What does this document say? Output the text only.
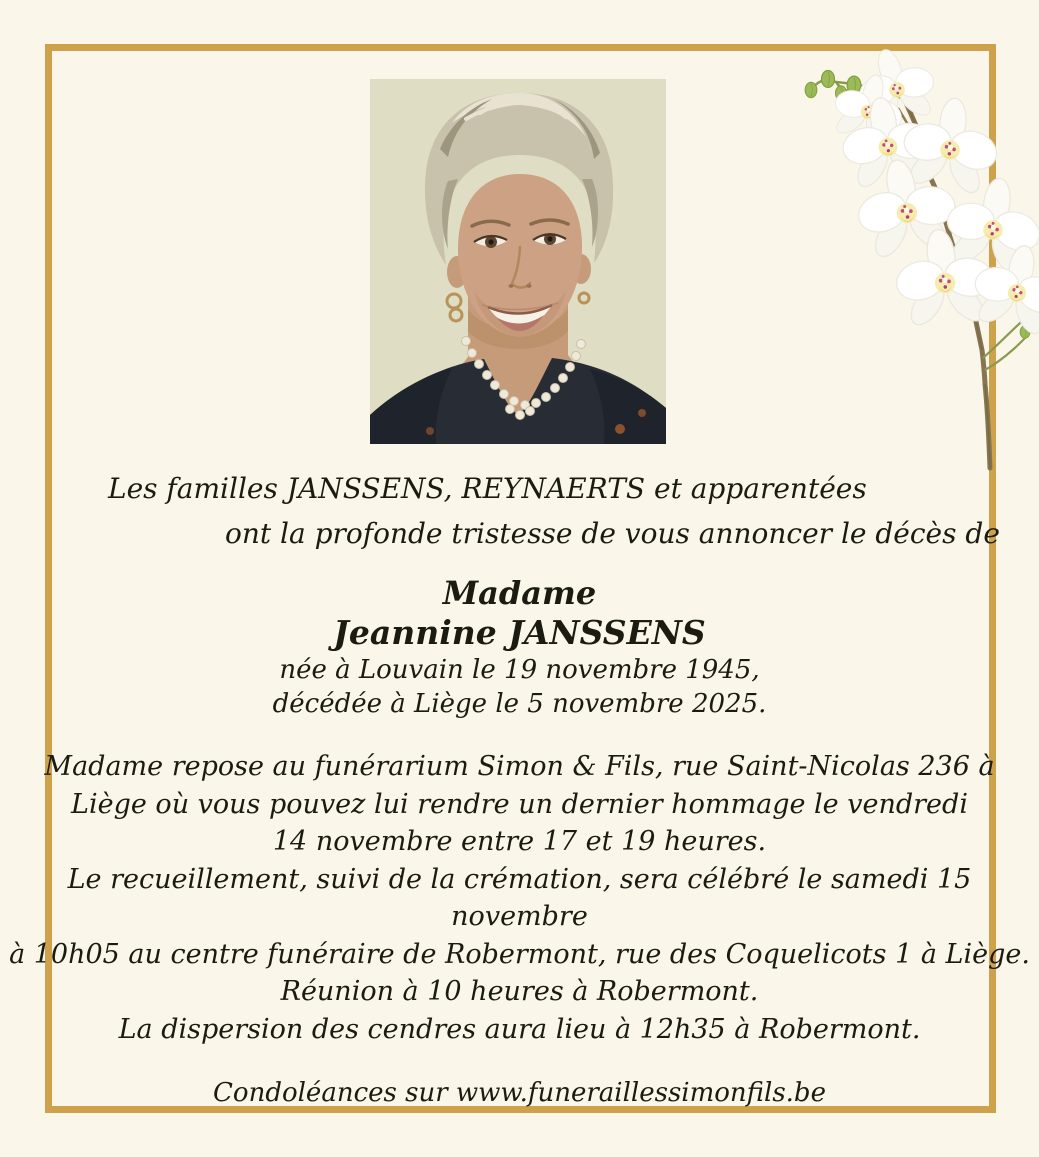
Les familles JANSSENS, REYNAERTS et apparentées
ont la profonde tristesse de vous annoncer le décès de
Madame
Jeannine JANSSENS
née à Louvain le 19 novembre 1945,
décédée à Liège le 5 novembre 2025.
Madame repose au funérarium Simon & Fils, rue Saint-Nicolas 236 à
Liège où vous pouvez lui rendre un dernier hommage le vendredi
14 novembre entre 17 et 19 heures.
Le recueillement, suivi de la crémation, sera célébré le samedi 15 novembre
à 10h05 au centre funéraire de Robermont, rue des Coquelicots 1 à Liège.
Réunion à 10 heures à Robermont.
La dispersion des cendres aura lieu à 12h35 à Robermont.
Condoléances sur www.funeraillessimonfils.be
